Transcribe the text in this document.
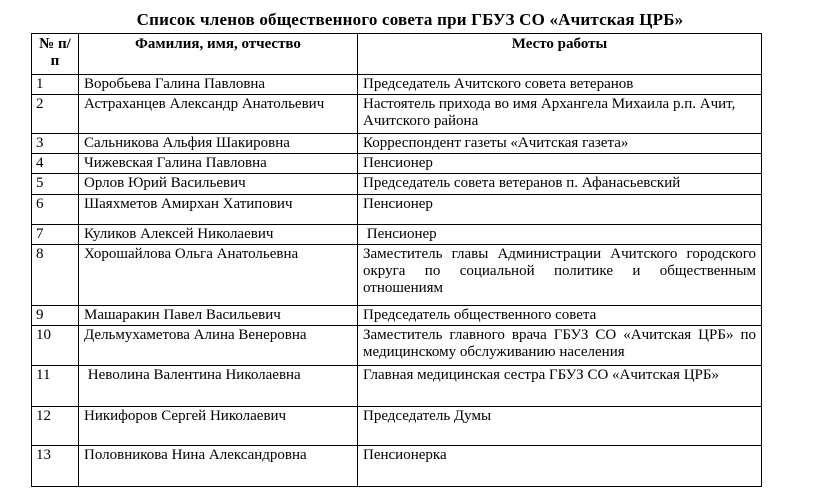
Список членов общественного совета при ГБУЗ СО «Ачитская ЦРБ»
№ п/п	Фамилия, имя, отчество	Место работы
1	Воробьева Галина Павловна	Председатель Ачитского совета ветеранов
2	Астраханцев Александр Анатольевич	Настоятель прихода во имя Архангела Михаила р.п. Ачит, Ачитского района
3	Сальникова Альфия Шакировна	Корреспондент газеты «Ачитская газета»
4	Чижевская Галина Павловна	Пенсионер
5	Орлов Юрий Васильевич	Председатель совета ветеранов п. Афанасьевский
6	Шаяхметов Амирхан Хатипович	Пенсионер
7	Куликов Алексей Николаевич	Пенсионер
8	Хорошайлова Ольга Анатольевна	Заместитель главы Администрации Ачитского городского округа по социальной политике и общественным отношениям
9	Машаракин Павел Васильевич	Председатель общественного совета
10	Дельмухаметова Алина Венеровна	Заместитель главного врача ГБУЗ СО «Ачитская ЦРБ» по медицинскому обслуживанию населения
11	Неволина Валентина Николаевна	Главная медицинская сестра ГБУЗ СО «Ачитская ЦРБ»
12	Никифоров Сергей Николаевич	Председатель Думы
13	Половникова Нина Александровна	Пенсионерка
